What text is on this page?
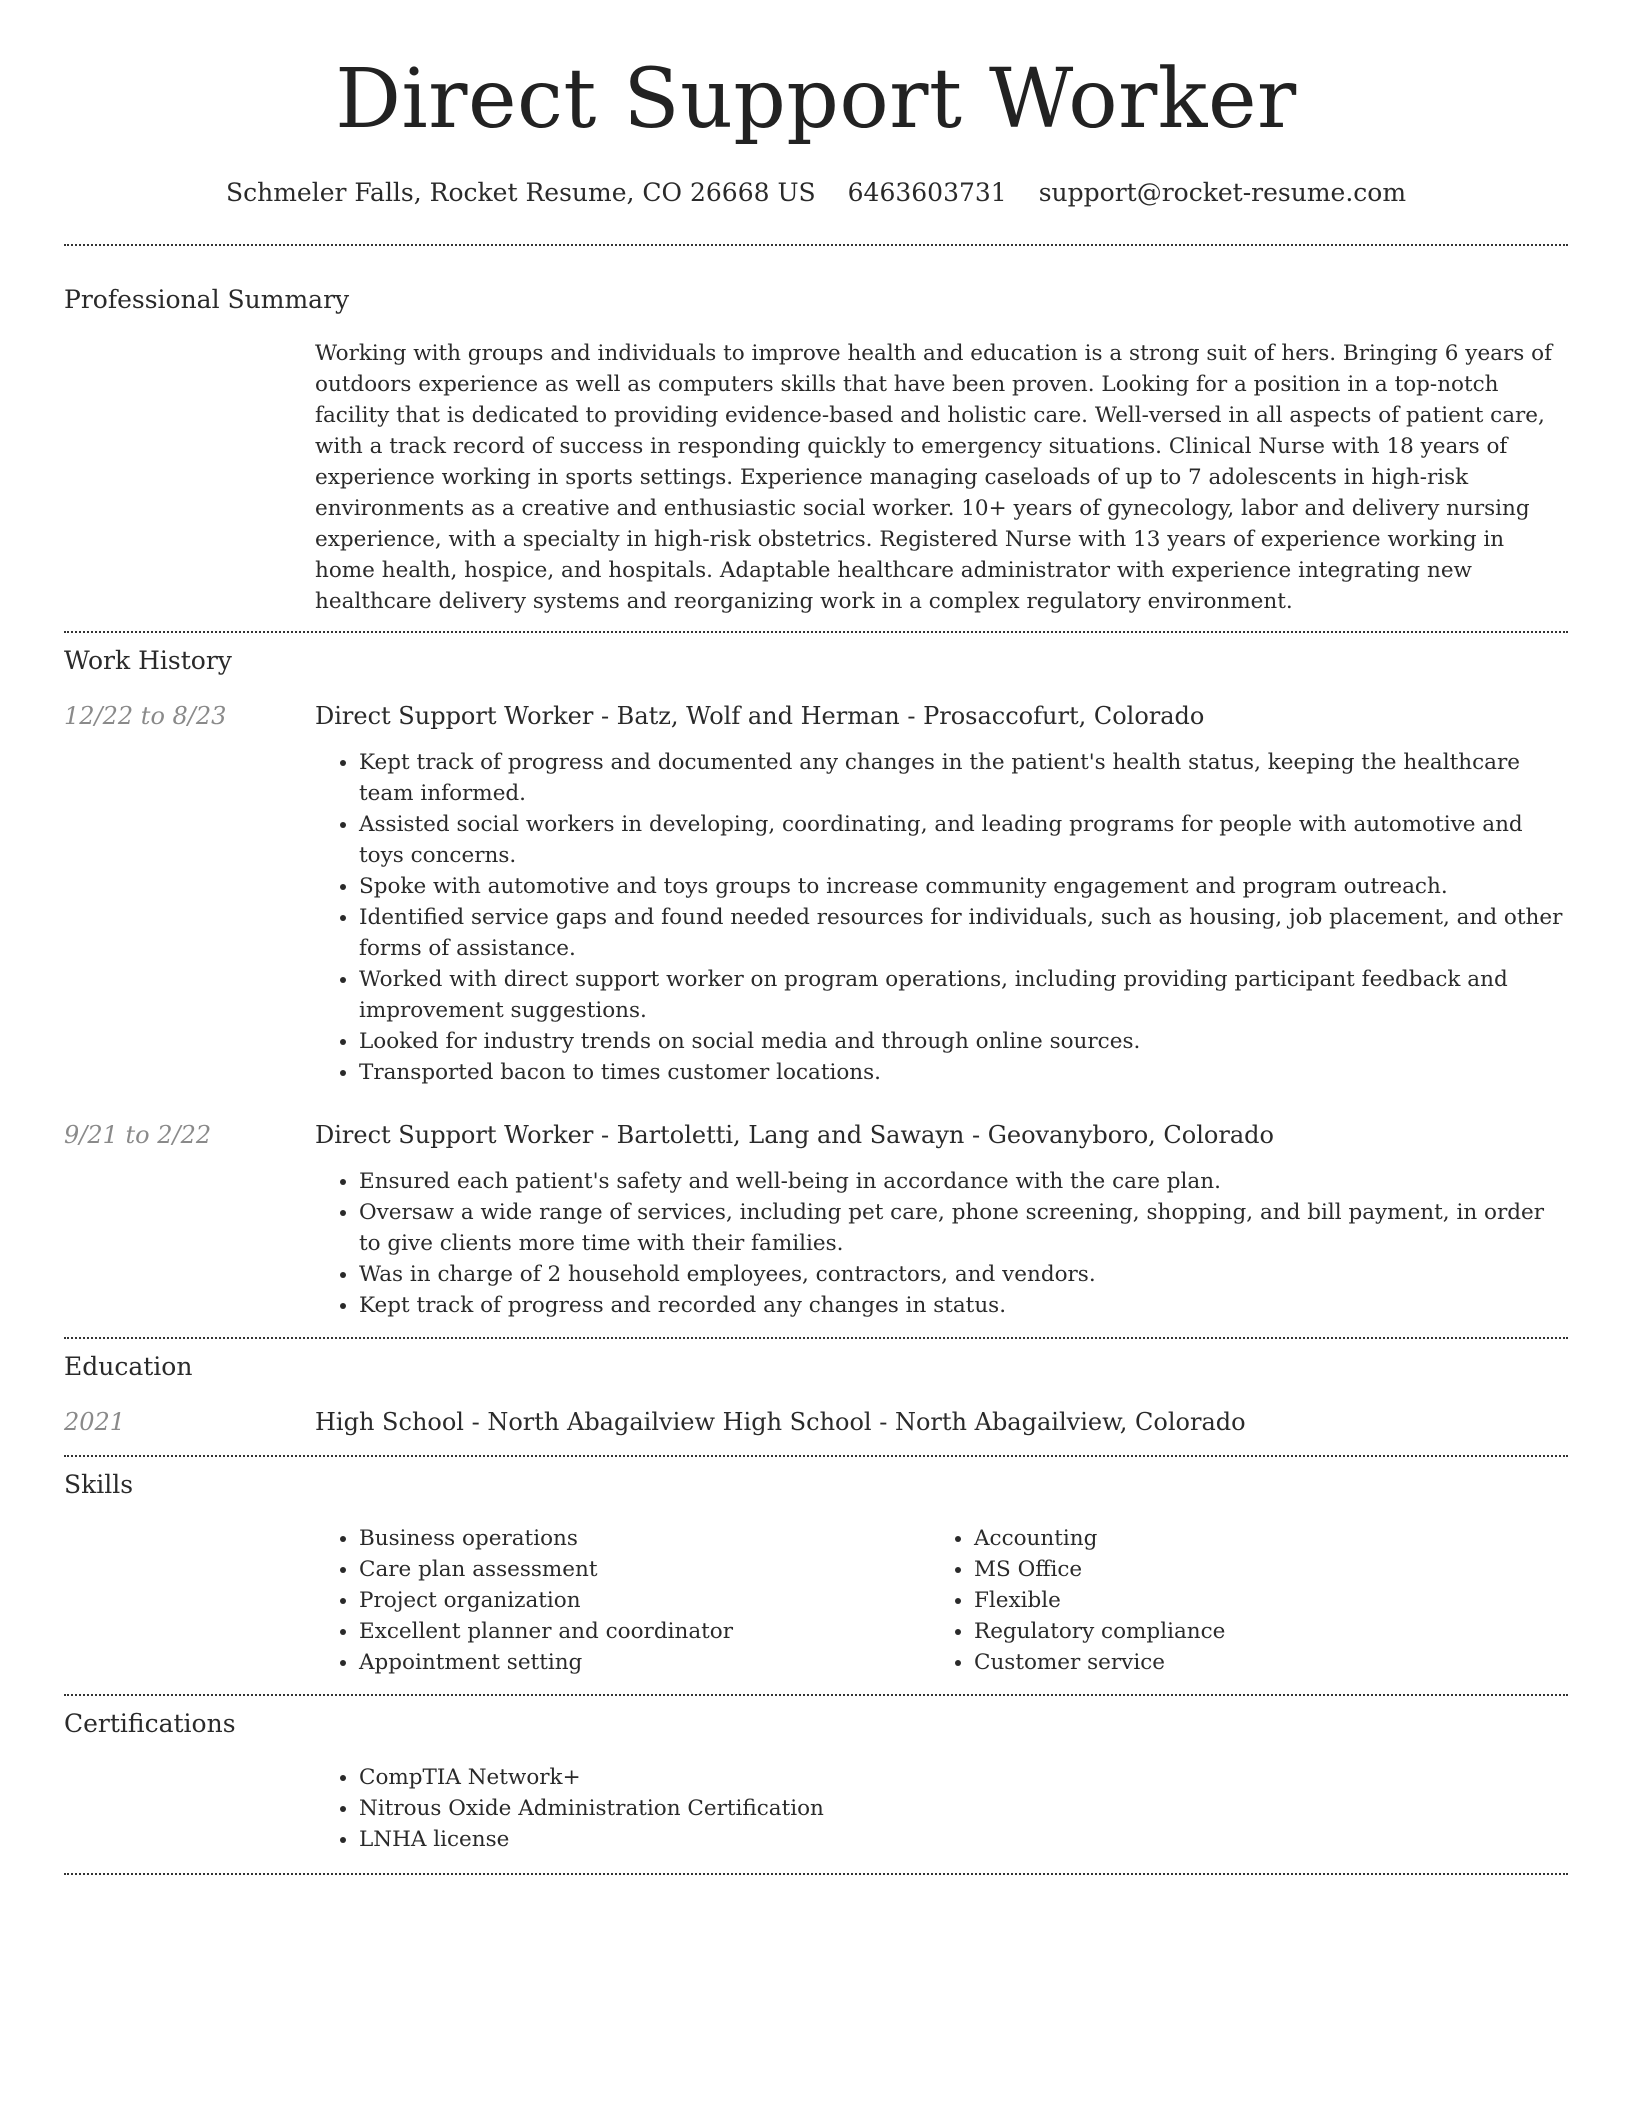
Direct Support Worker
Schmeler Falls, Rocket Resume, CO 26668 US 6463603731 support@rocket-resume.com
Professional Summary

Working with groups and individuals to improve health and education is a strong suit of hers. Bringing 6 years of outdoors experience as well as computers skills that have been proven. Looking for a position in a top-notch facility that is dedicated to providing evidence-based and holistic care. Well-versed in all aspects of patient care, with a track record of success in responding quickly to emergency situations. Clinical Nurse with 18 years of experience working in sports settings. Experience managing caseloads of up to 7 adolescents in high-risk environments as a creative and enthusiastic social worker. 10+ years of gynecology, labor and delivery nursing experience, with a specialty in high-risk obstetrics. Registered Nurse with 13 years of experience working in home health, hospice, and hospitals. Adaptable healthcare administrator with experience integrating new healthcare delivery systems and reorganizing work in a complex regulatory environment.

Work History
12/22 to 8/23	Direct Support Worker - Batz, Wolf and Herman - Prosaccofurt, Colorado
• Kept track of progress and documented any changes in the patient's health status, keeping the healthcare team informed.
• Assisted social workers in developing, coordinating, and leading programs for people with automotive and toys concerns.
• Spoke with automotive and toys groups to increase community engagement and program outreach.
• Identified service gaps and found needed resources for individuals, such as housing, job placement, and other forms of assistance.
• Worked with direct support worker on program operations, including providing participant feedback and improvement suggestions.
• Looked for industry trends on social media and through online sources.
• Transported bacon to times customer locations.
9/21 to 2/22	Direct Support Worker - Bartoletti, Lang and Sawayn - Geovanyboro, Colorado
• Ensured each patient's safety and well-being in accordance with the care plan.
• Oversaw a wide range of services, including pet care, phone screening, shopping, and bill payment, in order to give clients more time with their families.
• Was in charge of 2 household employees, contractors, and vendors.
• Kept track of progress and recorded any changes in status.
Education
2021	High School - North Abagailview High School - North Abagailview, Colorado
Skills
• Business operations
• Care plan assessment
• Project organization
• Excellent planner and coordinator
• Appointment setting
• Accounting
• MS Office
• Flexible
• Regulatory compliance
• Customer service
Certifications
• CompTIA Network+
• Nitrous Oxide Administration Certification
• LNHA license
